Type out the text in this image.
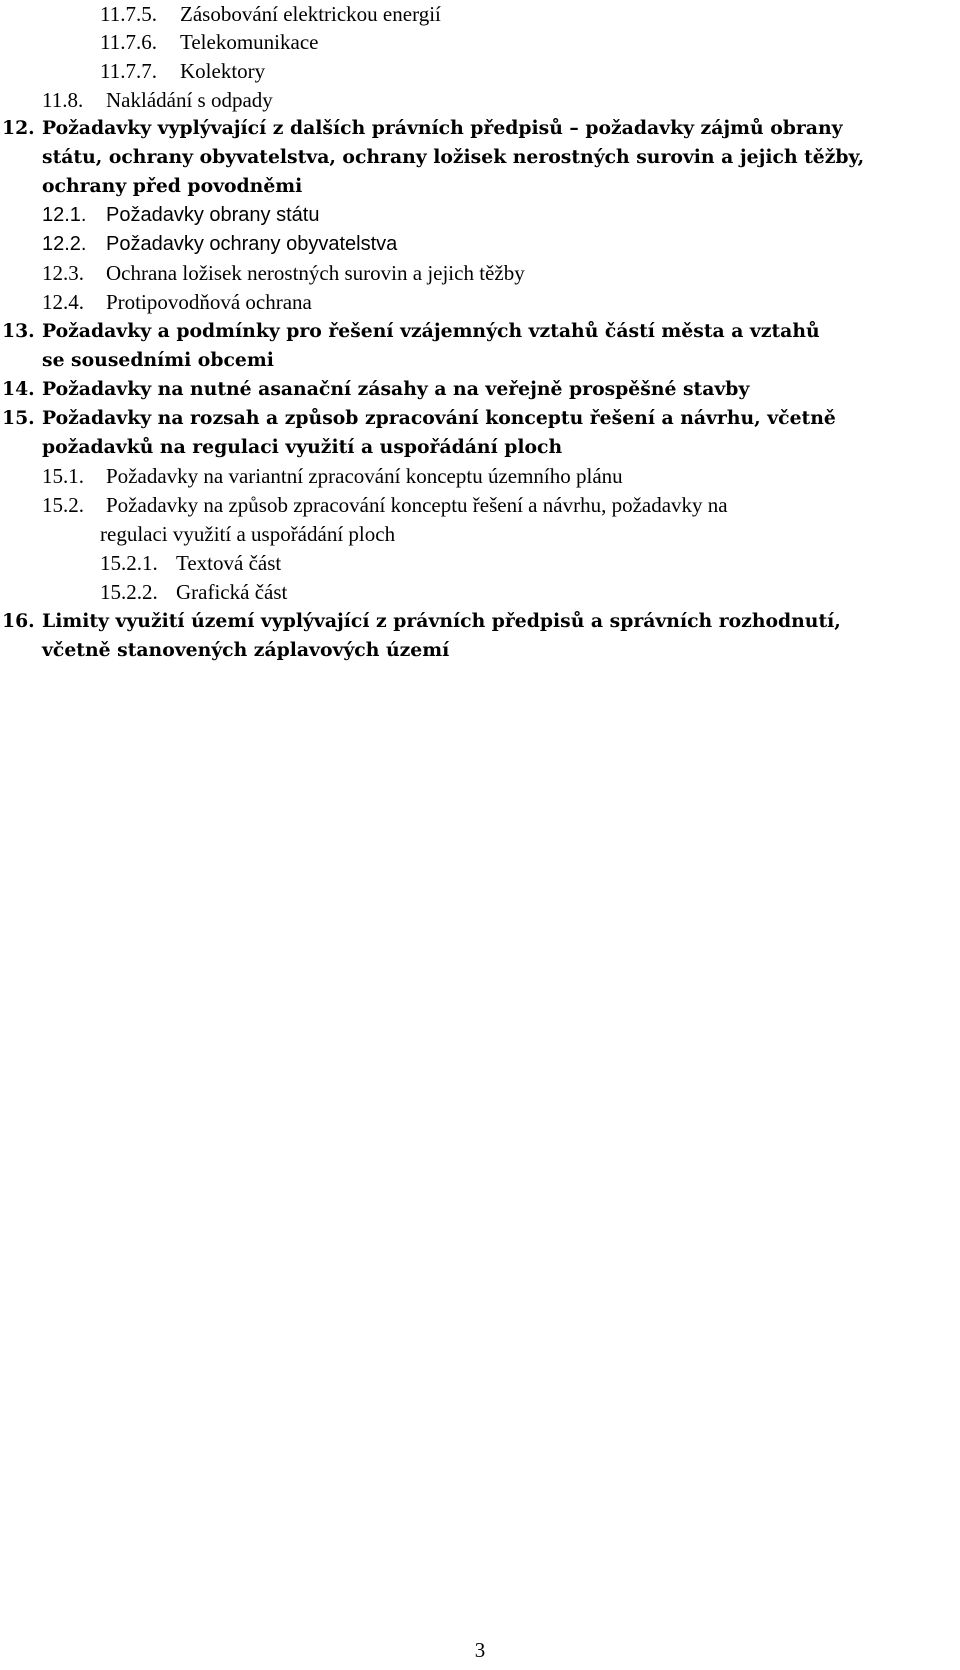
11.7.5. Zásobování elektrickou energií
11.7.6. Telekomunikace
11.7.7. Kolektory
11.8. Nakládání s odpady
12. Požadavky vyplývající z dalších právních předpisů – požadavky zájmů obrany
státu, ochrany obyvatelstva, ochrany ložisek nerostných surovin a jejich těžby,
ochrany před povodněmi
12.1. Požadavky obrany státu
12.2. Požadavky ochrany obyvatelstva
12.3. Ochrana ložisek nerostných surovin a jejich těžby
12.4. Protipovodňová ochrana
13. Požadavky a podmínky pro řešení vzájemných vztahů částí města a vztahů
se sousedními obcemi
14. Požadavky na nutné asanační zásahy a na veřejně prospěšné stavby
15. Požadavky na rozsah a způsob zpracování konceptu řešení a návrhu, včetně
požadavků na regulaci využití a uspořádání ploch
15.1. Požadavky na variantní zpracování konceptu územního plánu
15.2. Požadavky na způsob zpracování konceptu řešení a návrhu, požadavky na
regulaci využití a uspořádání ploch
15.2.1. Textová část
15.2.2. Grafická část
16. Limity využití území vyplývající z právních předpisů a správních rozhodnutí,
včetně stanovených záplavových území
3
